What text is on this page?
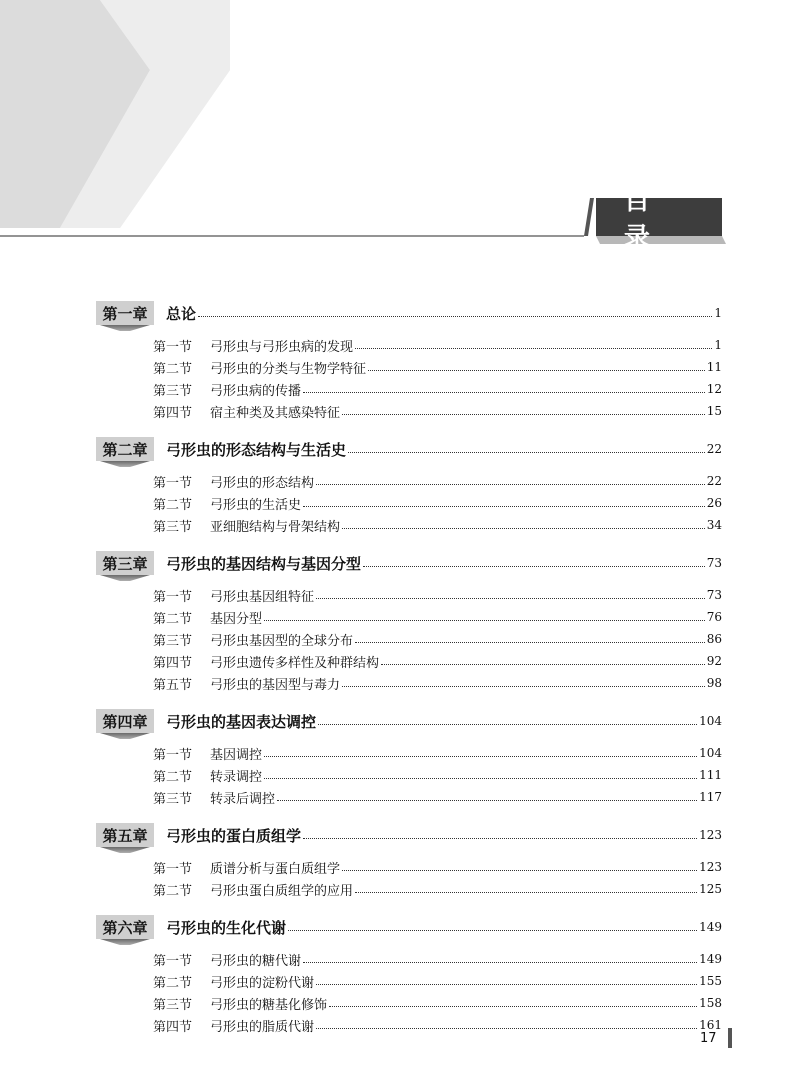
目
第一章	总论	1
第一节	弓形虫与弓形虫病的发现	1
第二节	弓形虫的分类与生物学特征	11
第三节	弓形虫病的传播	12
第四节	宿主种类及其感染特征	15
第二章	弓形虫的形态结构与生活史	22
第一节	弓形虫的形态结构	22
第二节	弓形虫的生活史	26
第三节	亚细胞结构与骨架结构	34
第三章	弓形虫的基因结构与基因分型	73
第一节	弓形虫基因组特征	73
第二节	基因分型	76
第三节	弓形虫基因型的全球分布	86
第四节	弓形虫遗传多样性及种群结构	92
第五节	弓形虫的基因型与毒力	98
第四章	弓形虫的基因表达调控	104
第一节	基因调控	104
第二节	转录调控	111
第三节	转录后调控	117
第五章	弓形虫的蛋白质组学	123
第一节	质谱分析与蛋白质组学	123
第二节	弓形虫蛋白质组学的应用	125
第六章	弓形虫的生化代谢	149
第一节	弓形虫的糖代谢	149
第二节	弓形虫的淀粉代谢	155
第三节	弓形虫的糖基化修饰	158
第四节	弓形虫的脂质代谢	161
17
